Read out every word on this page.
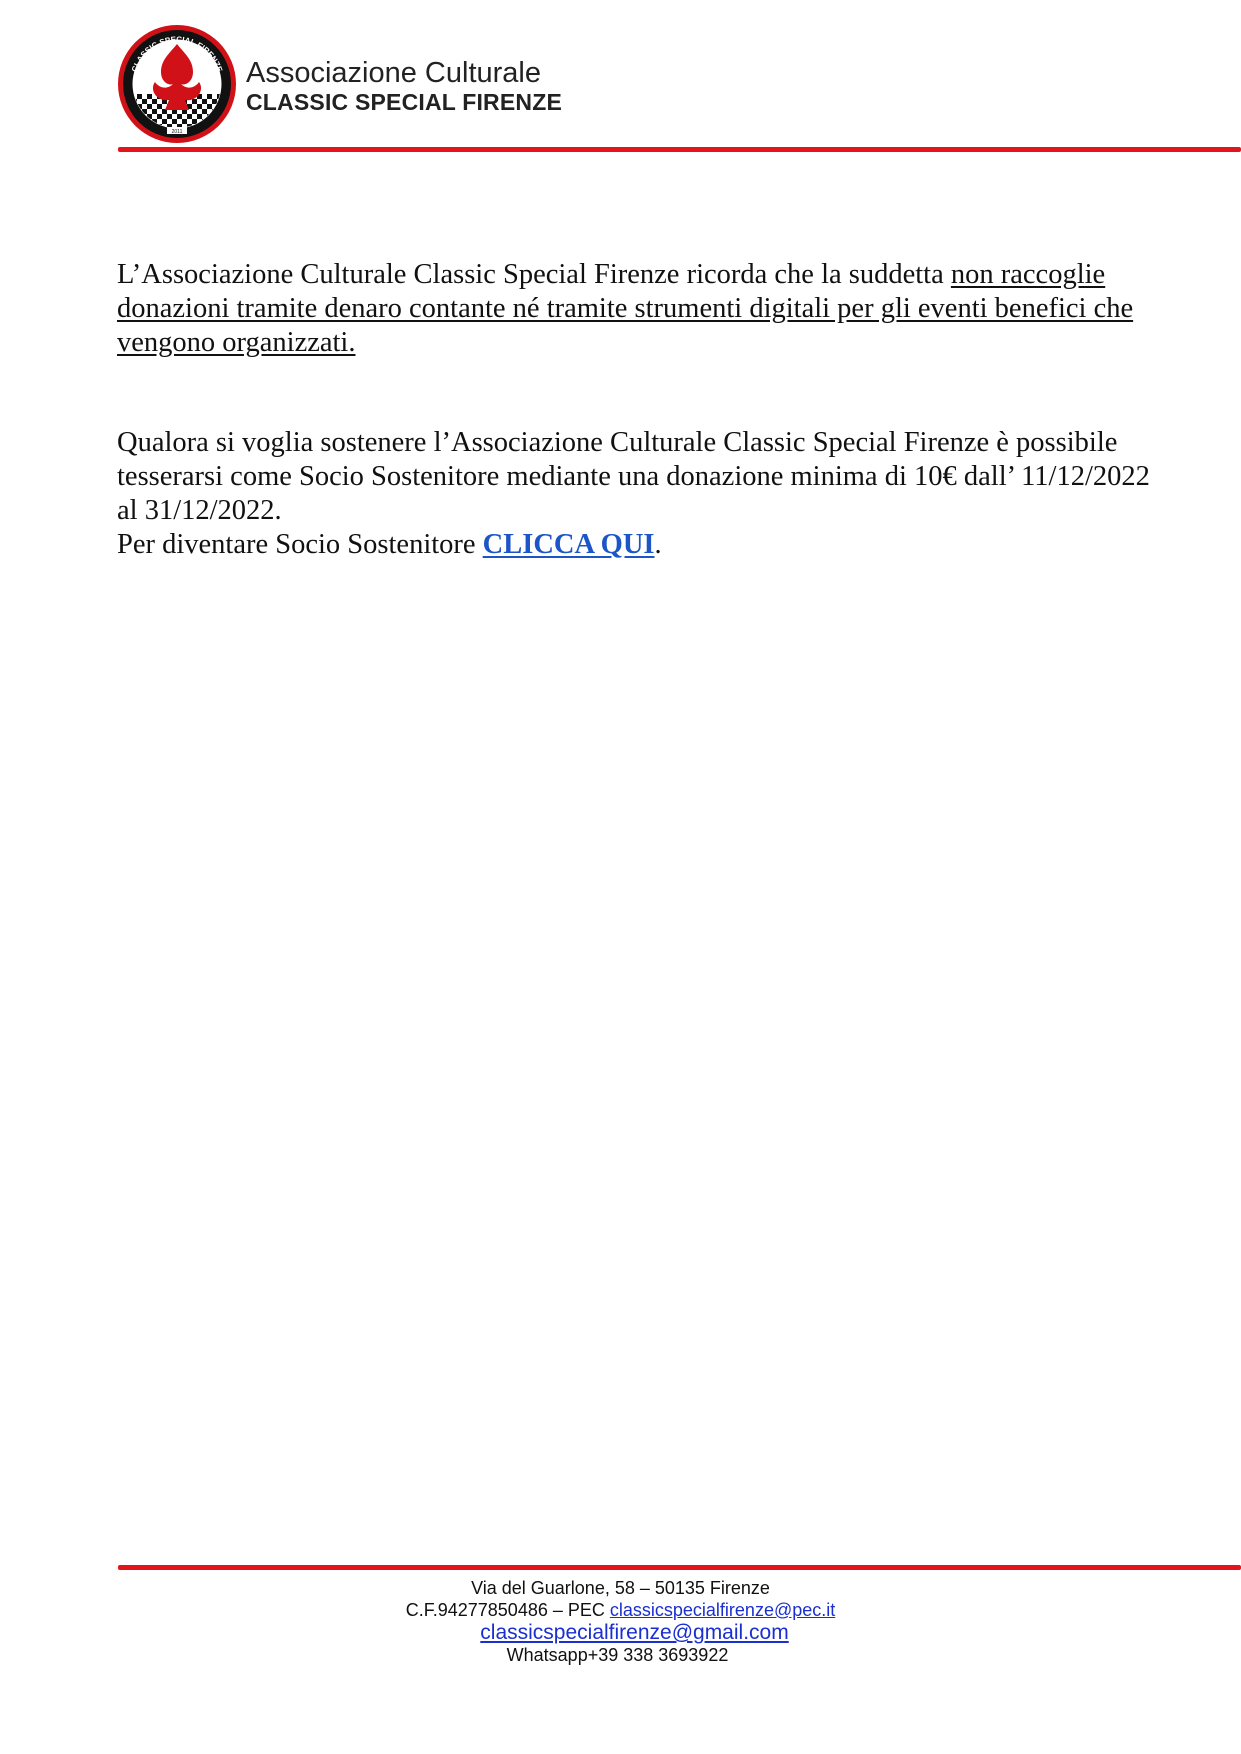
2011
CLASSIC SPECIAL FIRENZE Associazione Culturale
CLASSIC SPECIAL FIRENZE

L’Associazione Culturale Classic Special Firenze ricorda che la suddetta non raccoglie donazioni tramite denaro contante né tramite strumenti digitali per gli eventi benefici che vengono organizzati.

Qualora si voglia sostenere l’Associazione Culturale Classic Special Firenze è possibile tesserarsi come Socio Sostenitore mediante una donazione minima di 10€ dall’ 11/12/2022 al 31/12/2022.
Per diventare Socio Sostenitore CLICCA QUI.

Via del Guarlone, 58 – 50135 Firenze
C.F.94277850486 – PEC classicspecialfirenze@pec.it
classicspecialfirenze@gmail.com
Whatsapp+39 338 3693922
